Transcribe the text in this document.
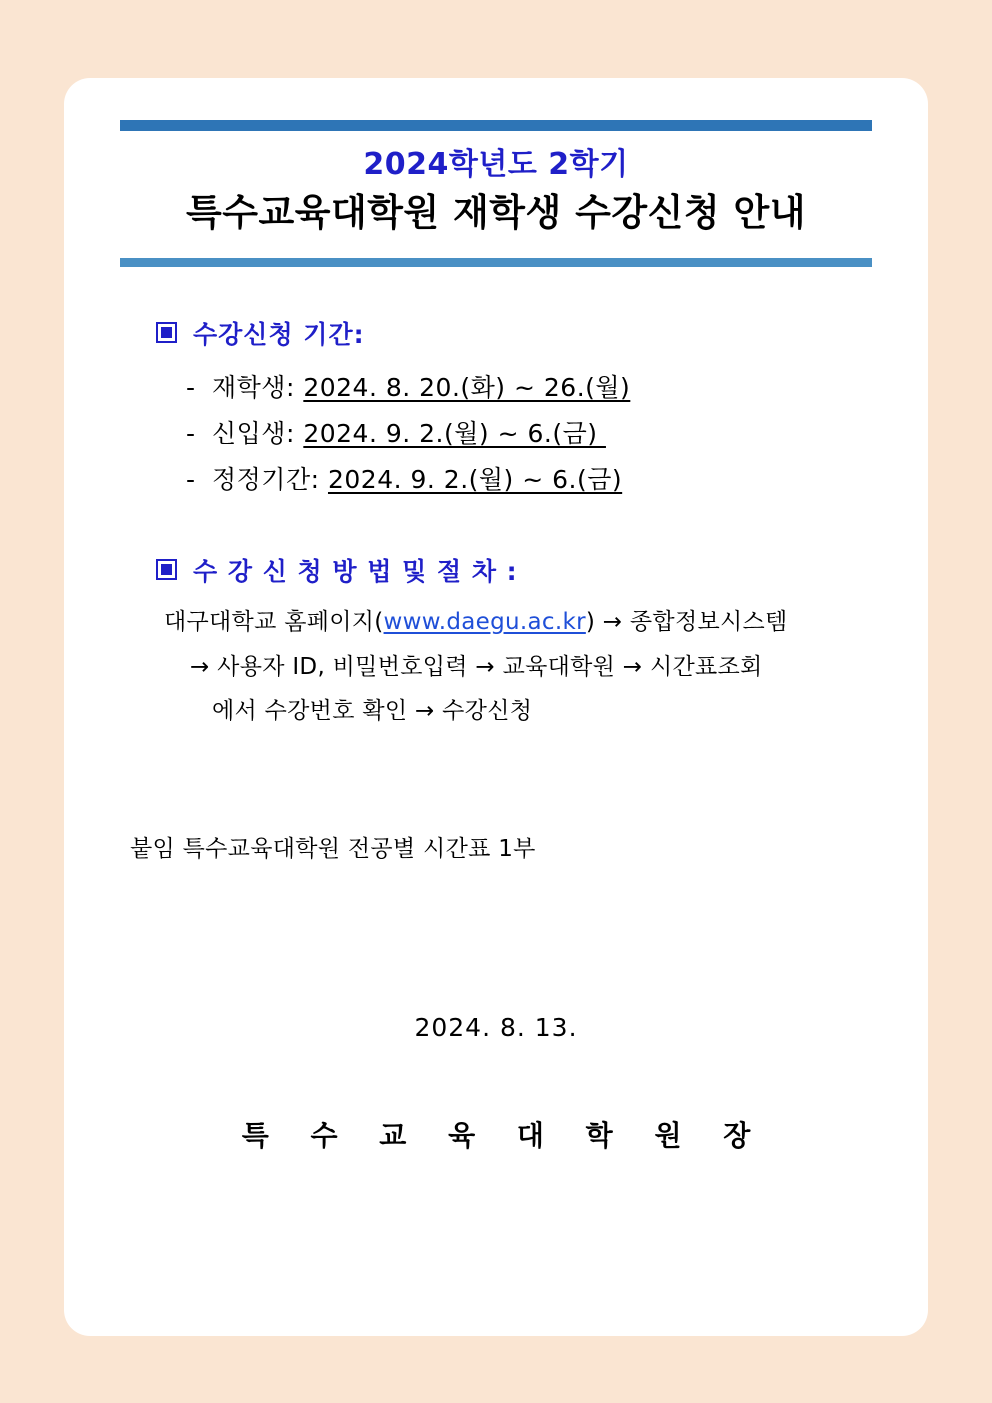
2024학년도 2학기
특수교육대학원 재학생 수강신청 안내
수강신청 기간:
- 재학생: 2024. 8. 20.(화) ~ 26.(월)
- 신입생: 2024. 9. 2.(월) ~ 6.(금)
- 정정기간: 2024. 9. 2.(월) ~ 6.(금)
수 강 신 청 방 법 및 절 차 :
대구대학교 홈페이지(www.daegu.ac.kr) → 종합정보시스템
→ 사용자 ID, 비밀번호입력 → 교육대학원 → 시간표조회
에서 수강번호 확인 → 수강신청
붙임 특수교육대학원 전공별 시간표 1부
2024. 8. 13.
특 수 교 육 대 학 원 장
